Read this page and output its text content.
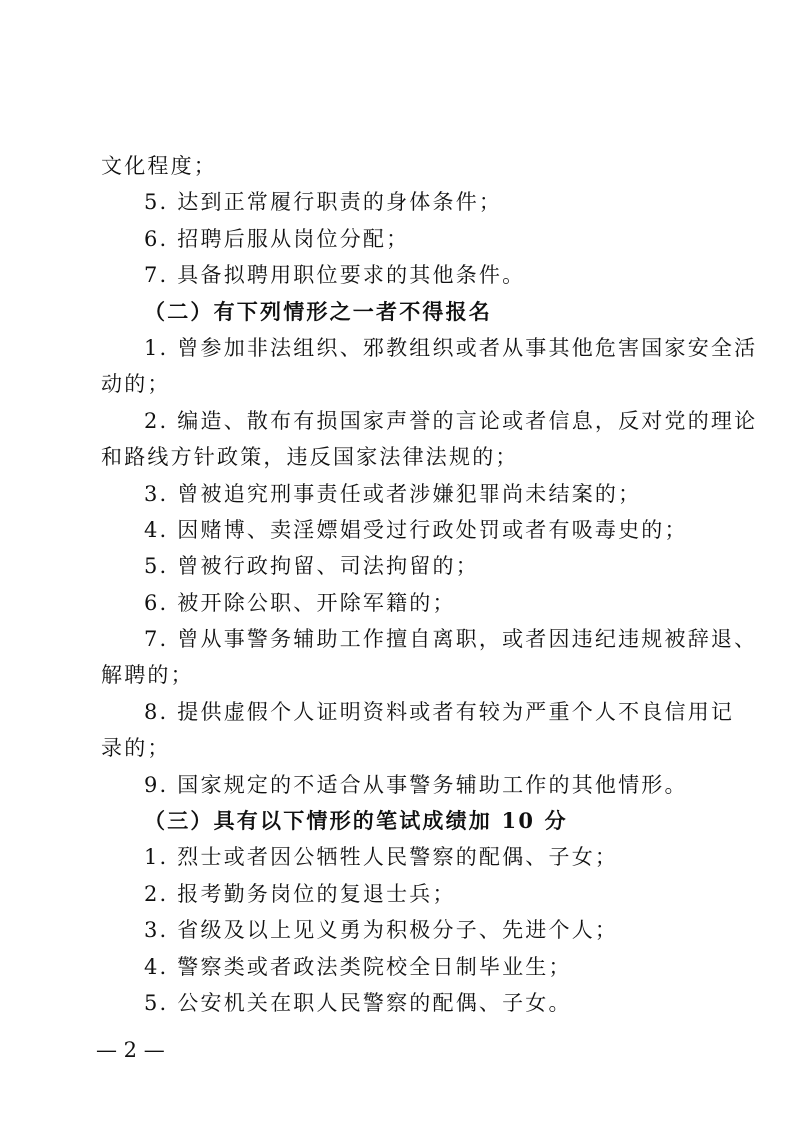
文化程度；
5. 达到正常履行职责的身体条件；
6. 招聘后服从岗位分配；
7. 具备拟聘用职位要求的其他条件。
（二）有下列情形之一者不得报名
1. 曾参加非法组织、邪教组织或者从事其他危害国家安全活
动的；
2. 编造、散布有损国家声誉的言论或者信息，反对党的理论
和路线方针政策，违反国家法律法规的；
3. 曾被追究刑事责任或者涉嫌犯罪尚未结案的；
4. 因赌博、卖淫嫖娼受过行政处罚或者有吸毒史的；
5. 曾被行政拘留、司法拘留的；
6. 被开除公职、开除军籍的；
7. 曾从事警务辅助工作擅自离职，或者因违纪违规被辞退、
解聘的；
8. 提供虚假个人证明资料或者有较为严重个人不良信用记
录的；
9. 国家规定的不适合从事警务辅助工作的其他情形。
（三）具有以下情形的笔试成绩加 10 分
1. 烈士或者因公牺牲人民警察的配偶、子女；
2. 报考勤务岗位的复退士兵；
3. 省级及以上见义勇为积极分子、先进个人；
4. 警察类或者政法类院校全日制毕业生；
5. 公安机关在职人民警察的配偶、子女。
— 2 —
